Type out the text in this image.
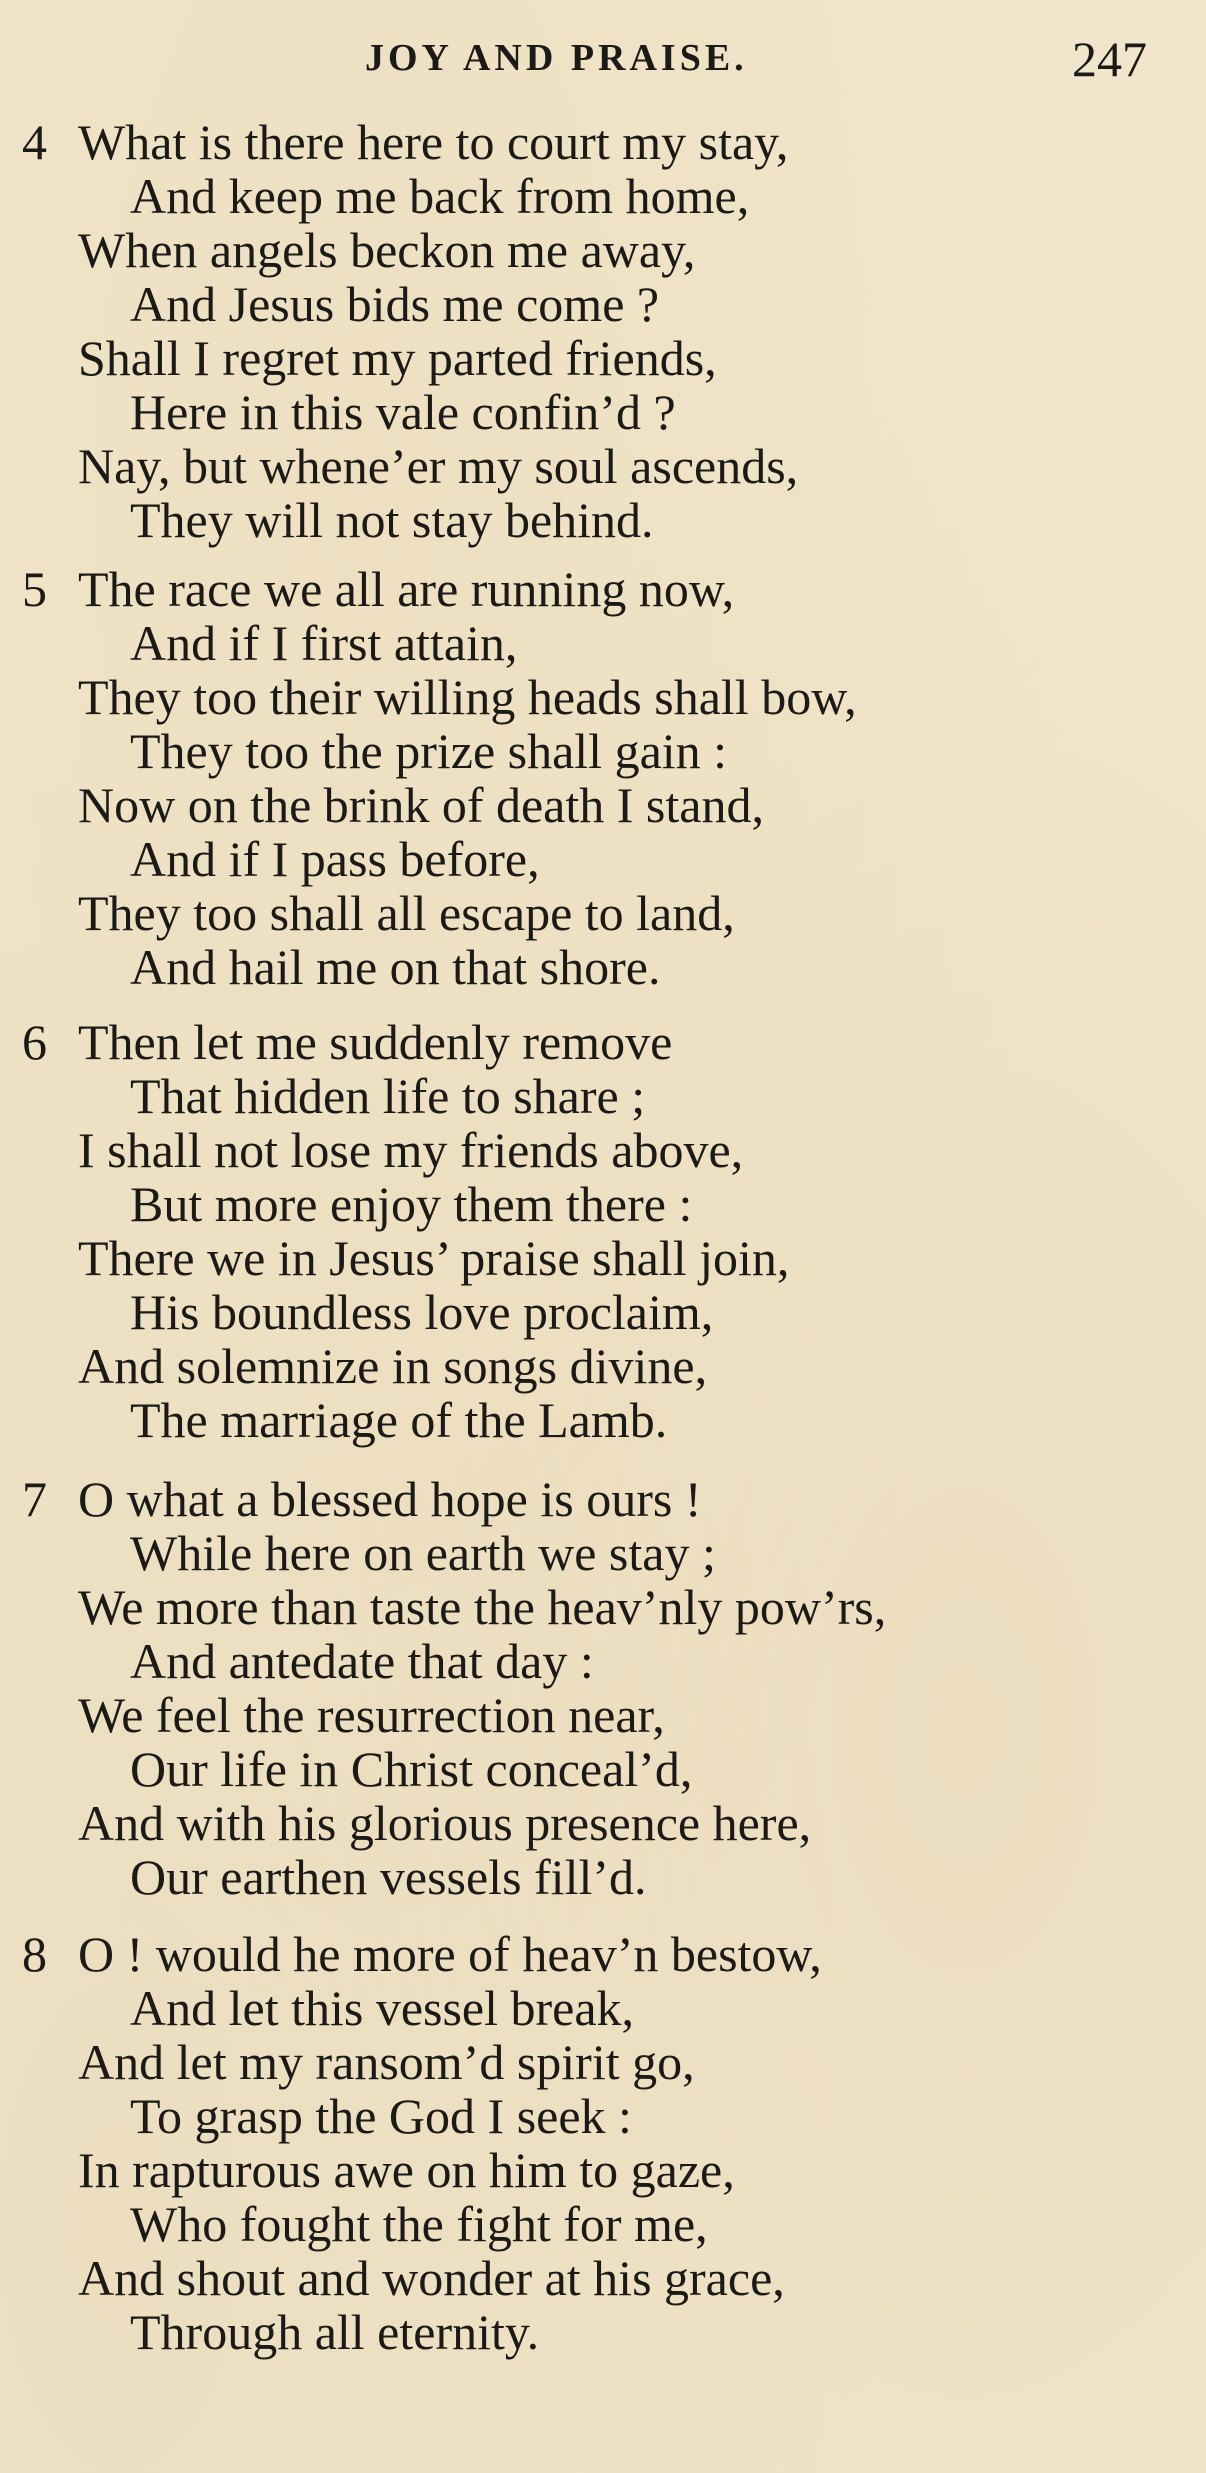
JOY AND PRAISE.	247
4 What is there here to court my stay,
And keep me back from home,
When angels beckon me away,
And Jesus bids me come ?
Shall I regret my parted friends,
Here in this vale confin’d ?
Nay, but whene’er my soul ascends,
They will not stay behind.
5 The race we all are running now,
And if I first attain,
They too their willing heads shall bow,
They too the prize shall gain :
Now on the brink of death I stand,
And if I pass before,
They too shall all escape to land,
And hail me on that shore.
6 Then let me suddenly remove
That hidden life to share ;
I shall not lose my friends above,
But more enjoy them there :
There we in Jesus’ praise shall join,
His boundless love proclaim,
And solemnize in songs divine,
The marriage of the Lamb.
7 O what a blessed hope is ours !
While here on earth we stay ;
We more than taste the heav’nly pow’rs,
And antedate that day :
We feel the resurrection near,
Our life in Christ conceal’d,
And with his glorious presence here,
Our earthen vessels fill’d.
8 O ! would he more of heav’n bestow,
And let this vessel break,
And let my ransom’d spirit go,
To grasp the God I seek :
In rapturous awe on him to gaze,
Who fought the fight for me,
And shout and wonder at his grace,
Through all eternity.
